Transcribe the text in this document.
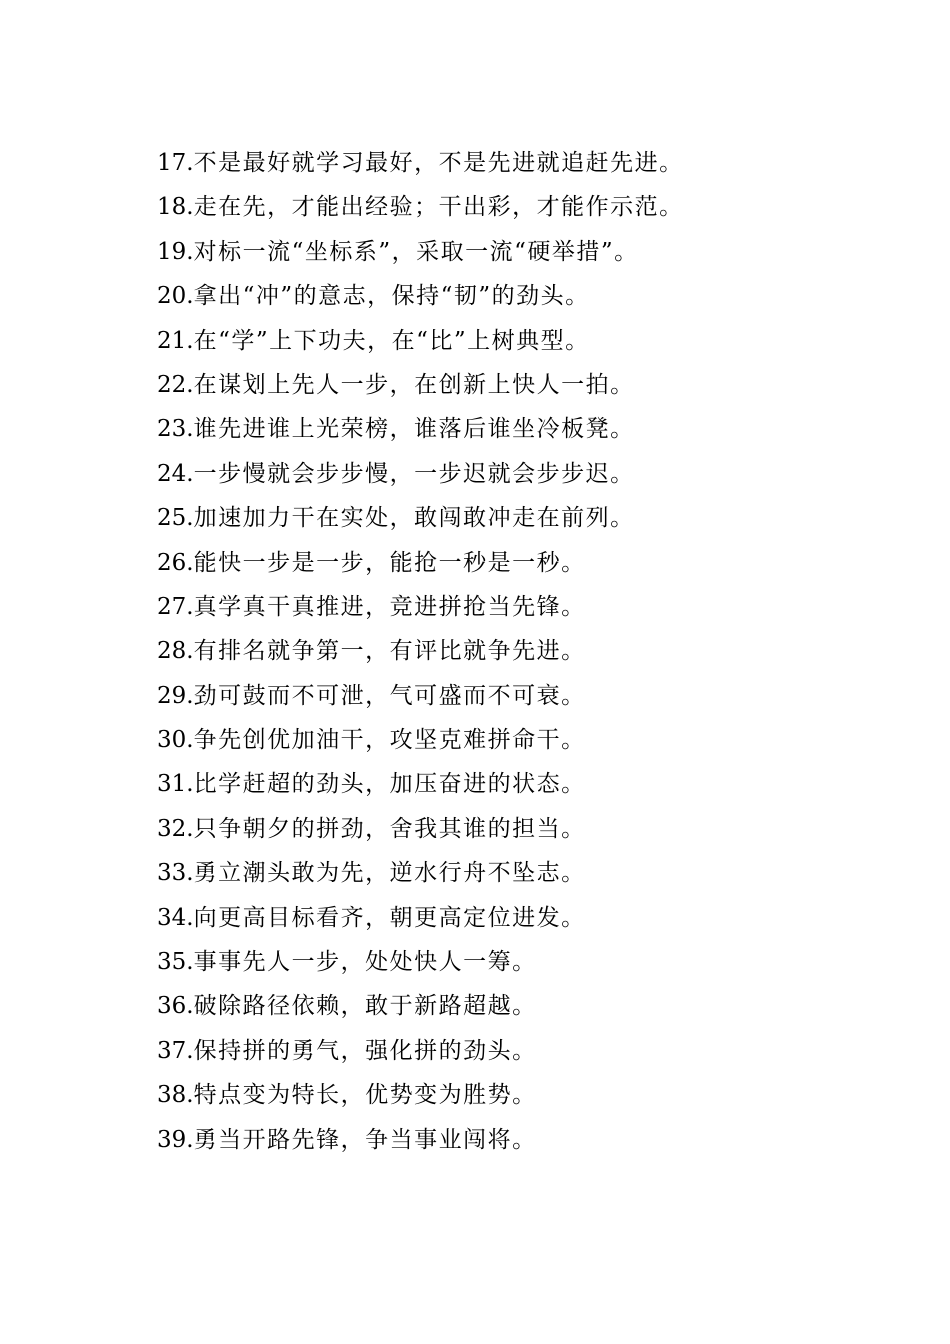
17.不是最好就学习最好，不是先进就追赶先进。
18.走在先，才能出经验；干出彩，才能作示范。
19.对标一流“坐标系”，采取一流“硬举措”。
20.拿出“冲”的意志，保持“韧”的劲头。
21.在“学”上下功夫，在“比”上树典型。
22.在谋划上先人一步，在创新上快人一拍。
23.谁先进谁上光荣榜，谁落后谁坐冷板凳。
24.一步慢就会步步慢，一步迟就会步步迟。
25.加速加力干在实处，敢闯敢冲走在前列。
26.能快一步是一步，能抢一秒是一秒。
27.真学真干真推进，竞进拼抢当先锋。
28.有排名就争第一，有评比就争先进。
29.劲可鼓而不可泄，气可盛而不可衰。
30.争先创优加油干，攻坚克难拼命干。
31.比学赶超的劲头，加压奋进的状态。
32.只争朝夕的拼劲，舍我其谁的担当。
33.勇立潮头敢为先，逆水行舟不坠志。
34.向更高目标看齐，朝更高定位进发。
35.事事先人一步，处处快人一筹。
36.破除路径依赖，敢于新路超越。
37.保持拼的勇气，强化拼的劲头。
38.特点变为特长，优势变为胜势。
39.勇当开路先锋，争当事业闯将。
